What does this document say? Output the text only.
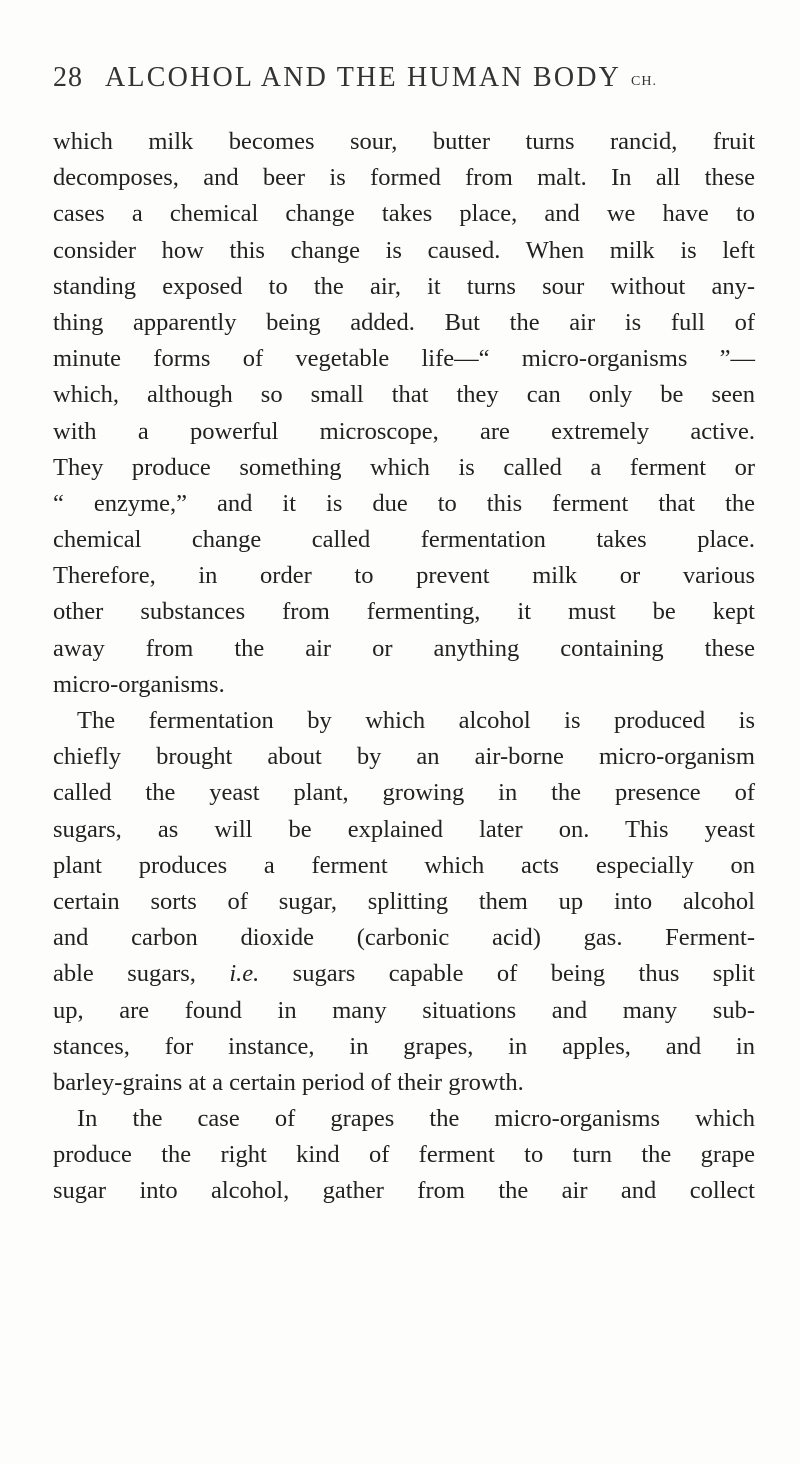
28 ALCOHOL AND THE HUMAN BODY CH.
which milk becomes sour, butter turns rancid, fruit
decomposes, and beer is formed from malt. In all these
cases a chemical change takes place, and we have to
consider how this change is caused. When milk is left
standing exposed to the air, it turns sour without any-
thing apparently being added. But the air is full of
minute forms of vegetable life—“ micro-organisms ”—
which, although so small that they can only be seen
with a powerful microscope, are extremely active.
They produce something which is called a ferment or
“ enzyme,” and it is due to this ferment that the
chemical change called fermentation takes place.
Therefore, in order to prevent milk or various
other substances from fermenting, it must be kept
away from the air or anything containing these
micro-organisms.
The fermentation by which alcohol is produced is
chiefly brought about by an air-borne micro-organism
called the yeast plant, growing in the presence of
sugars, as will be explained later on. This yeast
plant produces a ferment which acts especially on
certain sorts of sugar, splitting them up into alcohol
and carbon dioxide (carbonic acid) gas. Ferment-
able sugars, i.e. sugars capable of being thus split
up, are found in many situations and many sub-
stances, for instance, in grapes, in apples, and in
barley-grains at a certain period of their growth.
In the case of grapes the micro-organisms which
produce the right kind of ferment to turn the grape
sugar into alcohol, gather from the air and collect
